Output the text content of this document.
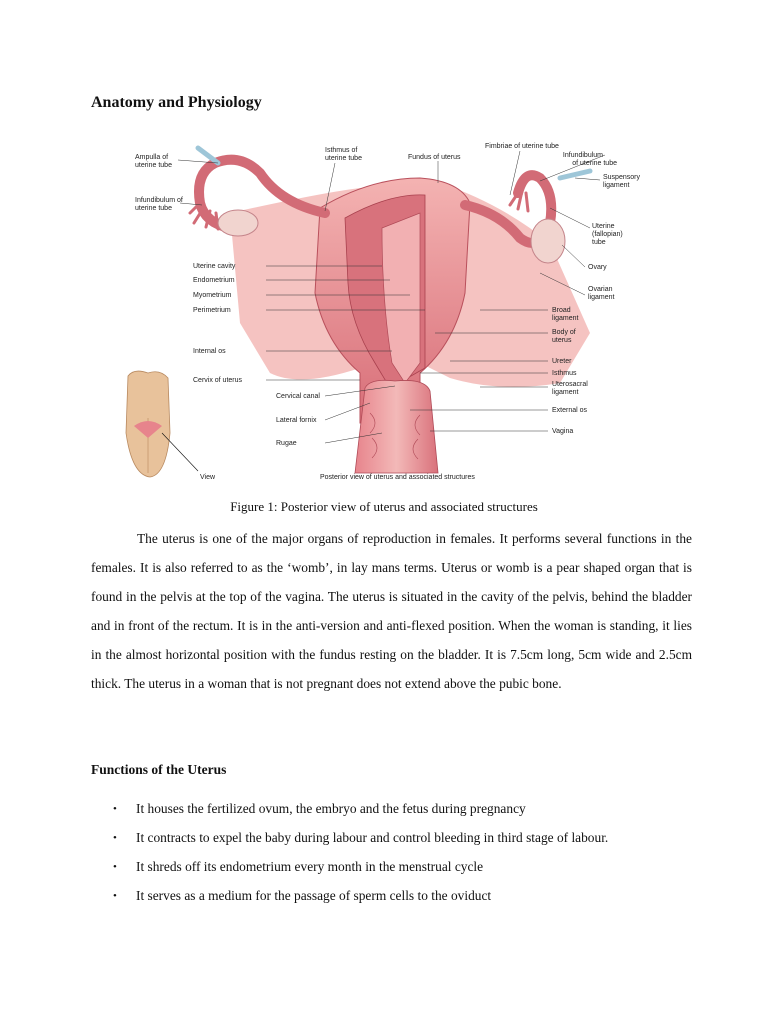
Anatomy and Physiology
Ampulla of
uterine tube
Infundibulum of
uterine tube
Isthmus of
uterine tube	Fundus of uterus
Fimbriae of uterine tube
Infundibulum
of uterine tube
Suspensory
ligament
Uterine
(fallopian)
tube
Uterine cavity
Endometrium
Myometrium
Perimetrium
Ovary
Ovarian
ligament
Broad
ligament
Body of
uterus
Internal os
Ureter
Isthmus
Uterosacral
ligament
Cervix of uterus
Cervical canal
External os
Lateral fornix
Vagina
Rugae
View	Posterior view of uterus and associated structures
Figure 1: Posterior view of uterus and associated structures

The uterus is one of the major organs of reproduction in females. It performs several functions in the females. It is also referred to as the ‘womb’, in lay mans terms. Uterus or womb is a pear shaped organ that is found in the pelvis at the top of the vagina. The uterus is situated in the cavity of the pelvis, behind the bladder and in front of the rectum. It is in the anti-version and anti-flexed position. When the woman is standing, it lies in the almost horizontal position with the fundus resting on the bladder. It is 7.5cm long, 5cm wide and 2.5cm thick. The uterus in a woman that is not pregnant does not extend above the pubic bone.

Functions of the Uterus
• It houses the fertilized ovum, the embryo and the fetus during pregnancy
• It contracts to expel the baby during labour and control bleeding in third stage of labour.
• It shreds off its endometrium every month in the menstrual cycle
• It serves as a medium for the passage of sperm cells to the oviduct
